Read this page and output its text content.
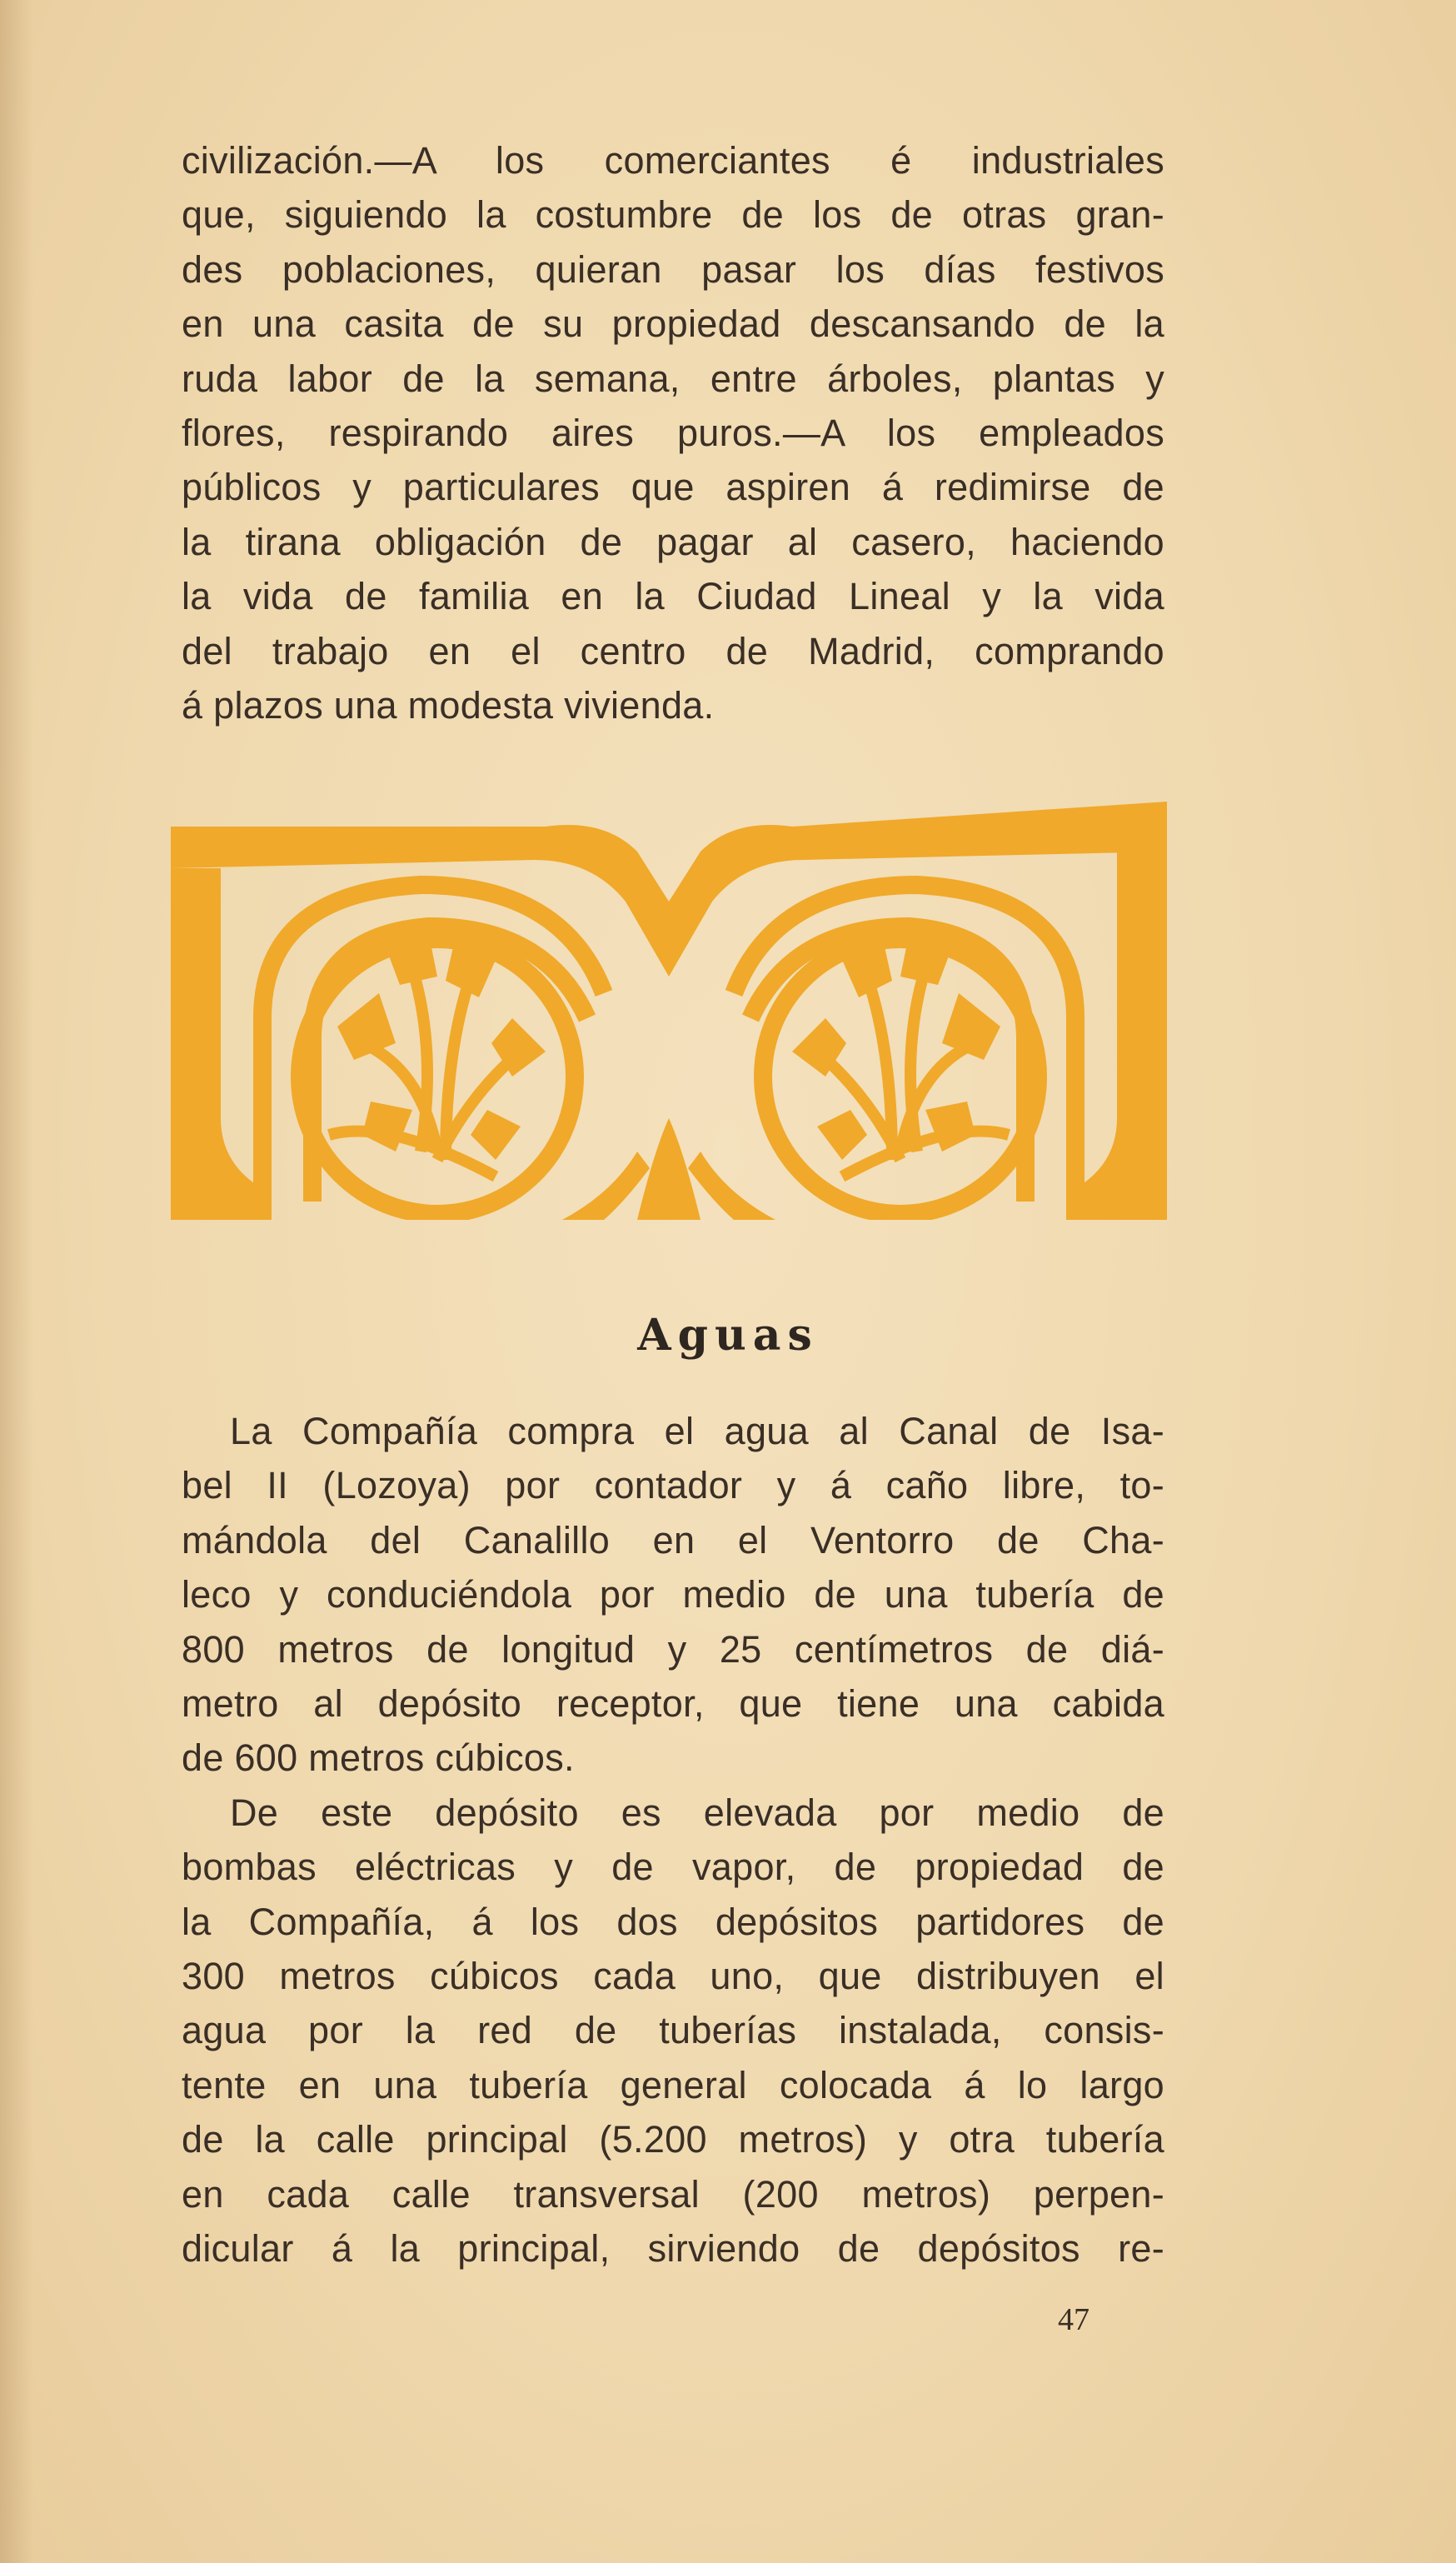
civilización.—A los comerciantes é industriales

que, siguiendo la costumbre de los de otras gran-

des poblaciones, quieran pasar los días festivos

en una casita de su propiedad descansando de la

ruda labor de la semana, entre árboles, plantas y

flores, respirando aires puros.—A los empleados

públicos y particulares que aspiren á redimirse de

la tirana obligación de pagar al casero, haciendo

la vida de familia en la Ciudad Lineal y la vida

del trabajo en el centro de Madrid, comprando

á plazos una modesta vivienda.

Aguas

La Compañía compra el agua al Canal de Isa-

bel II (Lozoya) por contador y á caño libre, to-

mándola del Canalillo en el Ventorro de Cha-

leco y conduciéndola por medio de una tubería de

800 metros de longitud y 25 centímetros de diá-

metro al depósito receptor, que tiene una cabida

de 600 metros cúbicos.

De este depósito es elevada por medio de

bombas eléctricas y de vapor, de propiedad de

la Compañía, á los dos depósitos partidores de

300 metros cúbicos cada uno, que distribuyen el

agua por la red de tuberías instalada, consis-

tente en una tubería general colocada á lo largo

de la calle principal (5.200 metros) y otra tubería

en cada calle transversal (200 metros) perpen-

dicular á la principal, sirviendo de depósitos re-

47
